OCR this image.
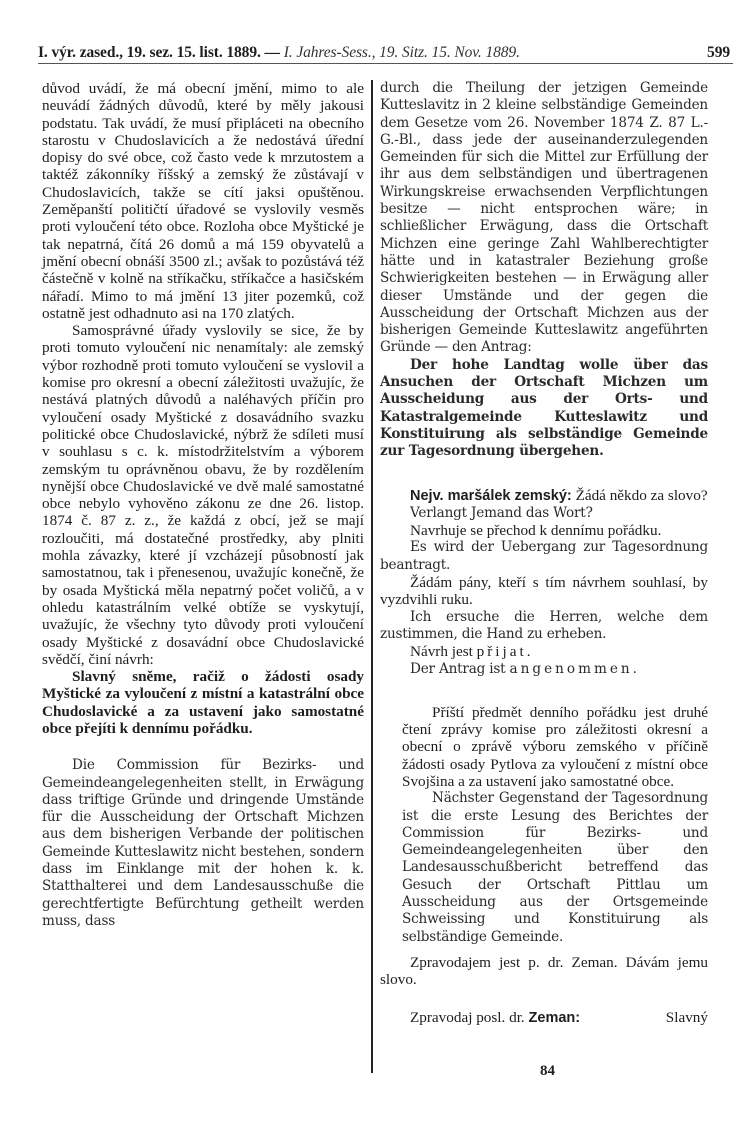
I. výr. zased., 19. sez. 15. list. 1889. — I. Jahres-Sess., 19. Sitz. 15. Nov. 1889.	599

důvod uvádí, že má obecní jmění, mimo to ale neuvádí žádných důvodů, které by měly jakousi podstatu. Tak uvádí, že musí připláceti na obecního starostu v Chudoslavicích a že nedostává úřední dopisy do své obce, což často vede k mrzutostem a taktéž zákonníky říšský a zemský že zůstávají v Chudoslavicích, takže se cítí jaksi opuštěnou. Zeměpanští političtí úřadové se vyslovily vesměs proti vyloučení této obce. Rozloha obce Myštické je tak nepatrná, čítá 26 domů a má 159 obyvatelů a jmění obecní obnáší 3500 zl.; avšak to pozůstává též částečně v kolně na stříkačku, stříkačce a hasičském nářadí. Mimo to má jmění 13 jiter pozemků, což ostatně jest odhadnuto asi na 170 zlatých.

Samosprávné úřady vyslovily se sice, že by proti tomuto vyloučení nic nenamítaly: ale zemský výbor rozhodně proti tomuto vyloučení se vyslovil a komise pro okresní a obecní záležitosti uvažujíc, že nestává platných důvodů a naléhavých příčin pro vyloučení osady Myštické z dosavádního svazku politické obce Chudoslavické, nýbrž že sdíleti musí v souhlasu s c. k. místodržitelstvím a výborem zemským tu oprávněnou obavu, že by rozdělením nynější obce Chudoslavické ve dvě malé samostatné obce nebylo vyhověno zákonu ze dne 26. listop. 1874 č. 87 z. z., že každá z obcí, jež se mají rozloučiti, má dostatečné prostředky, aby plniti mohla závazky, které jí vzcházejí působností jak samostatnou, tak i přenesenou, uvažujíc konečně, že by osada Myštická měla nepatrný počet voličů, a v ohledu katastrálním velké obtíže se vyskytují, uvažujíc, že všechny tyto důvody proti vyloučení osady Myštické z dosavádní obce Chudoslavické svědčí, činí návrh:

Slavný sněme, račiž o žádosti osady Myštické za vyloučení z místní a katastrální obce Chudoslavické a za ustavení jako samostatné obce přejíti k dennímu pořádku.

Die Commission für Bezirks- und Gemeindeangelegenheiten stellt, in Erwägung dass triftige Gründe und dringende Umstände für die Ausscheidung der Ortschaft Michzen aus dem bisherigen Verbande der politischen Gemeinde Kutteslawitz nicht bestehen, sondern dass im Einklange mit der hohen k. k. Statthalterei und dem Landesausschuße die gerechtfertigte Befürchtung getheilt werden muss, dass

durch die Theilung der jetzigen Gemeinde Kutteslavitz in 2 kleine selbständige Gemeinden dem Gesetze vom 26. November 1874 Z. 87 L.-G.-Bl., dass jede der auseinanderzulegenden Gemeinden für sich die Mittel zur Erfüllung der ihr aus dem selbständigen und übertragenen Wirkungskreise erwachsenden Verpflichtungen besitze — nicht entsprochen wäre; in schließlicher Erwägung, dass die Ortschaft Michzen eine geringe Zahl Wahlberechtigter hätte und in katastraler Beziehung große Schwierigkeiten bestehen — in Erwägung aller dieser Umstände und der gegen die Ausscheidung der Ortschaft Michzen aus der bisherigen Gemeinde Kutteslawitz angeführten Gründe — den Antrag:

Der hohe Landtag wolle über das Ansuchen der Ortschaft Michzen um Ausscheidung aus der Orts- und Katastralgemeinde Kutteslawitz und Konstituirung als selbständige Gemeinde zur Tagesordnung übergehen.

Nejv. maršálek zemský: Žádá někdo za slovo?

Verlangt Jemand das Wort?

Navrhuje se přechod k dennímu pořádku.

Es wird der Uebergang zur Tagesordnung beantragt.

Žádám pány, kteří s tím návrhem souhlasí, by vyzdvihli ruku.

Ich ersuche die Herren, welche dem zustimmen, die Hand zu erheben.

Návrh jest přijat.

Der Antrag ist angenommen.

Příští předmět denního pořádku jest druhé čtení zprávy komise pro záležitosti okresní a obecní o zprávě výboru zemského v příčině žádosti osady Pytlova za vyloučení z místní obce Svojšina a za ustavení jako samostatné obce.

Nächster Gegenstand der Tagesordnung ist die erste Lesung des Berichtes der Commission für Bezirks- und Gemeindeangelegenheiten über den Landesausschußbericht betreffend das Gesuch der Ortschaft Pittlau um Ausscheidung aus der Ortsgemeinde Schweissing und Konstituirung als selbständige Gemeinde.

Zpravodajem jest p. dr. Zeman. Dávám jemu slovo.

Zpravodaj posl. dr. Zeman:	Slavný

84
